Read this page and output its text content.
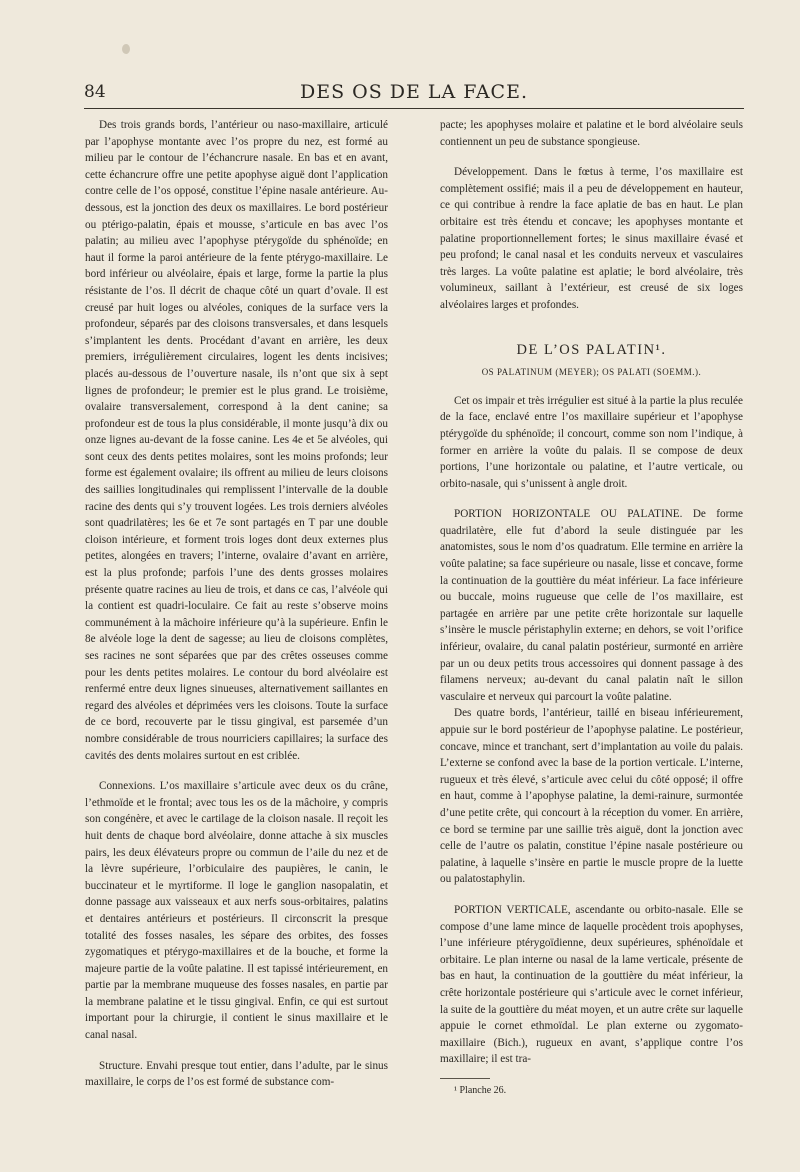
84	DES OS DE LA FACE.

Des trois grands bords, l’antérieur ou naso-maxillaire, articulé par l’apophyse montante avec l’os propre du nez, est formé au milieu par le contour de l’échancrure nasale. En bas et en avant, cette échancrure offre une petite apophyse aiguë dont l’application contre celle de l’os opposé, constitue l’épine nasale antérieure. Au-dessous, est la jonction des deux os maxillaires. Le bord postérieur ou ptérigo-palatin, épais et mousse, s’articule en bas avec l’os palatin; au milieu avec l’apophyse ptérygoïde du sphénoïde; en haut il forme la paroi antérieure de la fente ptérygo-maxillaire. Le bord inférieur ou alvéolaire, épais et large, forme la partie la plus résistante de l’os. Il décrit de chaque côté un quart d’ovale. Il est creusé par huit loges ou alvéoles, coniques de la surface vers la profondeur, séparés par des cloisons transversales, et dans lesquels s’implantent les dents. Procédant d’avant en arrière, les deux premiers, irrégulièrement circulaires, logent les dents incisives; placés au-dessous de l’ouverture nasale, ils n’ont que six à sept lignes de profondeur; le premier est le plus grand. Le troisième, ovalaire transversalement, correspond à la dent canine; sa profondeur est de tous la plus considérable, il monte jusqu’à dix ou onze lignes au-devant de la fosse canine. Les 4e et 5e alvéoles, qui sont ceux des dents petites molaires, sont les moins profonds; leur forme est également ovalaire; ils offrent au milieu de leurs cloisons des saillies longitudinales qui remplissent l’intervalle de la double racine des dents qui s’y trouvent logées. Les trois derniers alvéoles sont quadrilatères; les 6e et 7e sont partagés en T par une double cloison intérieure, et forment trois loges dont deux externes plus petites, alongées en travers; l’interne, ovalaire d’avant en arrière, est la plus profonde; parfois l’une des dents grosses molaires présente quatre racines au lieu de trois, et dans ce cas, l’alvéole qui la contient est quadri-loculaire. Ce fait au reste s’observe moins communément à la mâchoire inférieure qu’à la supérieure. Enfin le 8e alvéole loge la dent de sagesse; au lieu de cloisons complètes, ses racines ne sont séparées que par des crêtes osseuses comme pour les dents petites molaires. Le contour du bord alvéolaire est renfermé entre deux lignes sinueuses, alternativement saillantes en regard des alvéoles et déprimées vers les cloisons. Toute la surface de ce bord, recouverte par le tissu gingival, est parsemée d’un nombre considérable de trous nourriciers capillaires; la surface des cavités des dents molaires surtout en est criblée.

Connexions. L’os maxillaire s’articule avec deux os du crâne, l’ethmoïde et le frontal; avec tous les os de la mâchoire, y compris son congénère, et avec le cartilage de la cloison nasale. Il reçoit les huit dents de chaque bord alvéolaire, donne attache à six muscles pairs, les deux élévateurs propre ou commun de l’aile du nez et de la lèvre supérieure, l’orbiculaire des paupières, le canin, le buccinateur et le myrtiforme. Il loge le ganglion nasopalatin, et donne passage aux vaisseaux et aux nerfs sous-orbitaires, palatins et dentaires antérieurs et postérieurs. Il circonscrit la presque totalité des fosses nasales, les sépare des orbites, des fosses zygomatiques et ptérygo-maxillaires et de la bouche, et forme la majeure partie de la voûte palatine. Il est tapissé intérieurement, en partie par la membrane muqueuse des fosses nasales, en partie par la membrane palatine et le tissu gingival. Enfin, ce qui est surtout important pour la chirurgie, il contient le sinus maxillaire et le canal nasal.

Structure. Envahi presque tout entier, dans l’adulte, par le sinus maxillaire, le corps de l’os est formé de substance com-

pacte; les apophyses molaire et palatine et le bord alvéolaire seuls contiennent un peu de substance spongieuse.

Développement. Dans le fœtus à terme, l’os maxillaire est complètement ossifié; mais il a peu de développement en hauteur, ce qui contribue à rendre la face aplatie de bas en haut. Le plan orbitaire est très étendu et concave; les apophyses montante et palatine proportionnellement fortes; le sinus maxillaire évasé et peu profond; le canal nasal et les conduits nerveux et vasculaires très larges. La voûte palatine est aplatie; le bord alvéolaire, très volumineux, saillant à l’extérieur, est creusé de six loges alvéolaires larges et profondes.

DE L’OS PALATIN¹.
OS PALATINUM (MEYER); OS PALATI (SOEMM.).

Cet os impair et très irrégulier est situé à la partie la plus reculée de la face, enclavé entre l’os maxillaire supérieur et l’apophyse ptérygoïde du sphénoïde; il concourt, comme son nom l’indique, à former en arrière la voûte du palais. Il se compose de deux portions, l’une horizontale ou palatine, et l’autre verticale, ou orbito-nasale, qui s’unissent à angle droit.

PORTION HORIZONTALE OU PALATINE. De forme quadrilatère, elle fut d’abord la seule distinguée par les anatomistes, sous le nom d’os quadratum. Elle termine en arrière la voûte palatine; sa face supérieure ou nasale, lisse et concave, forme la continuation de la gouttière du méat inférieur. La face inférieure ou buccale, moins rugueuse que celle de l’os maxillaire, est partagée en arrière par une petite crête horizontale sur laquelle s’insère le muscle péristaphylin externe; en dehors, se voit l’orifice inférieur, ovalaire, du canal palatin postérieur, surmonté en arrière par un ou deux petits trous accessoires qui donnent passage à des filamens nerveux; au-devant du canal palatin naît le sillon vasculaire et nerveux qui parcourt la voûte palatine.

Des quatre bords, l’antérieur, taillé en biseau inférieurement, appuie sur le bord postérieur de l’apophyse palatine. Le postérieur, concave, mince et tranchant, sert d’implantation au voile du palais. L’externe se confond avec la base de la portion verticale. L’interne, rugueux et très élevé, s’articule avec celui du côté opposé; il offre en haut, comme à l’apophyse palatine, la demi-rainure, surmontée d’une petite crête, qui concourt à la réception du vomer. En arrière, ce bord se termine par une saillie très aiguë, dont la jonction avec celle de l’autre os palatin, constitue l’épine nasale postérieure ou palatine, à laquelle s’insère en partie le muscle propre de la luette ou palatostaphylin.

PORTION VERTICALE, ascendante ou orbito-nasale. Elle se compose d’une lame mince de laquelle procèdent trois apophyses, l’une inférieure ptérygoïdienne, deux supérieures, sphénoïdale et orbitaire. Le plan interne ou nasal de la lame verticale, présente de bas en haut, la continuation de la gouttière du méat inférieur, la crête horizontale postérieure qui s’articule avec le cornet inférieur, la suite de la gouttière du méat moyen, et un autre crête sur laquelle appuie le cornet ethmoïdal. Le plan externe ou zygomato-maxillaire (Bich.), rugueux en avant, s’applique contre l’os maxillaire; il est tra-

¹ Planche 26.
